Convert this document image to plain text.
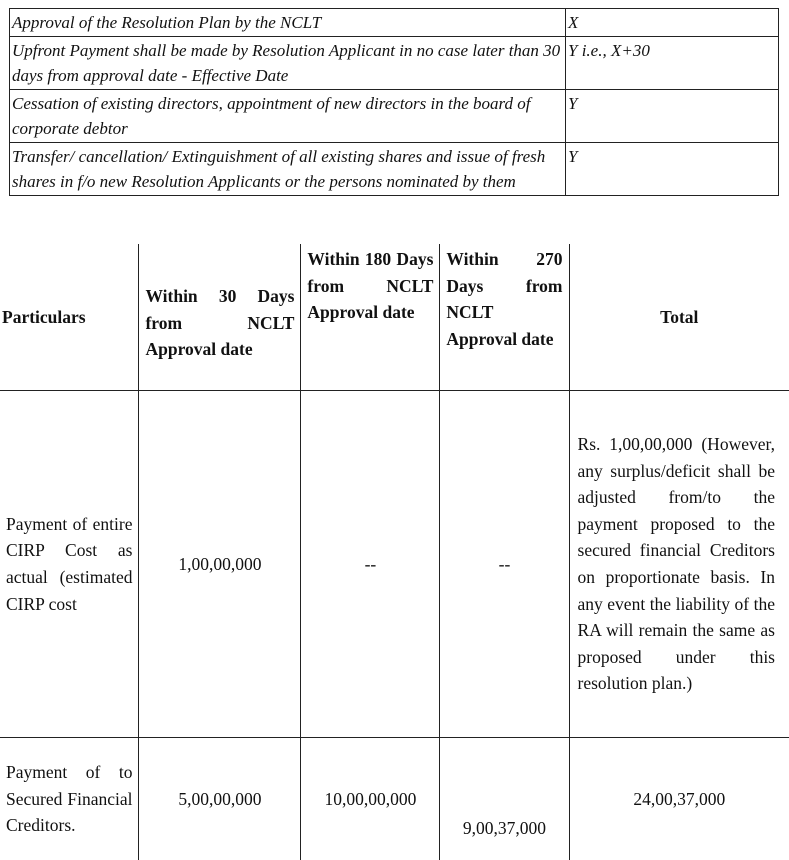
Approval of the Resolution Plan by the NCLT	X
Upfront Payment shall be made by Resolution Applicant in no case later than 30 days from approval date - Effective Date	Y i.e., X+30
Cessation of existing directors, appointment of new directors in the board of corporate debtor	Y
Transfer/ cancellation/ Extinguishment of all existing shares and issue of fresh shares in f/o new Resolution Applicants or the persons nominated by them	Y
Particulars	Within 30 Days from NCLT Approval date	Within 180 Days from NCLT Approval date	Within 270 Days from NCLT Approval date	Total
Payment of entire CIRP Cost as actual (estimated CIRP cost	1,00,00,000	--	--	Rs. 1,00,00,000 (However, any surplus/deficit shall be adjusted from/to the payment proposed to the secured financial Creditors on proportionate basis. In any event the liability of the RA will remain the same as proposed under this resolution plan.)
Payment of to Secured Financial Creditors.	5,00,00,000	10,00,00,000	9,00,37,000	24,00,37,000
